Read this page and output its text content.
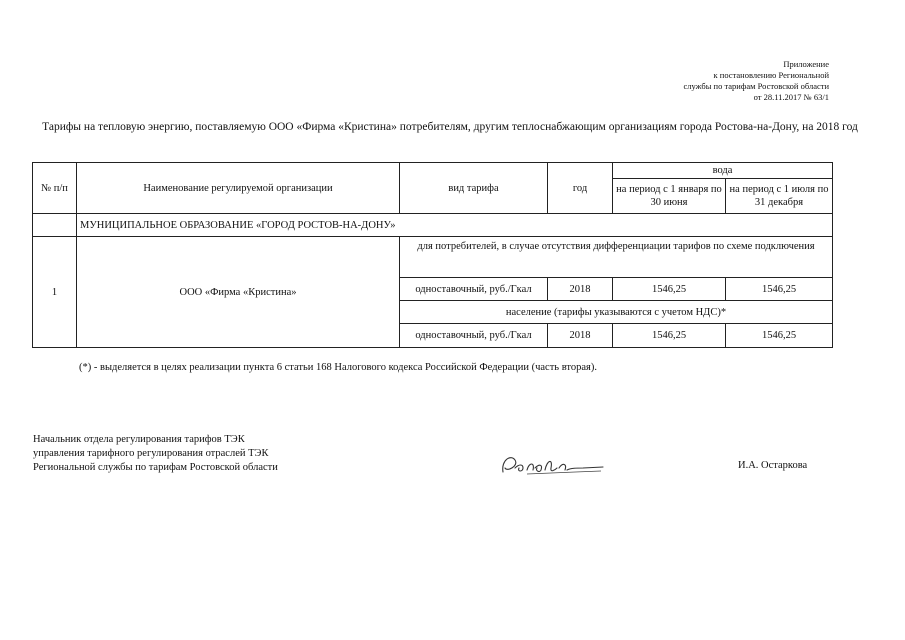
Приложение
к постановлению Региональной
службы по тарифам Ростовской области
от 28.11.2017 № 63/1
Тарифы на тепловую энергию, поставляемую ООО «Фирма «Кристина» потребителям, другим теплоснабжающим организациям города Ростова-на-Дону, на 2018 год
№ п/п	Наименование регулируемой организации	вид тарифа	год	вода	
				на период с 1 января по 30 июня	на период с 1 июля по 31 декабря
	МУНИЦИПАЛЬНОЕ ОБРАЗОВАНИЕ «ГОРОД РОСТОВ-НА-ДОНУ»				
1	ООО «Фирма «Кристина»	для потребителей, в случае отсутствия дифференциации тарифов по схеме подключения			
		одноставочный, руб./Гкал	2018	1546,25	1546,25
		население (тарифы указываются с учетом НДС)*			
		одноставочный, руб./Гкал	2018	1546,25	1546,25
(*) - выделяется в целях реализации пункта 6 статьи 168 Налогового кодекса Российской Федерации (часть вторая).
Начальник отдела регулирования тарифов ТЭК
управления тарифного регулирования отраслей ТЭК
Региональной службы по тарифам Ростовской области	И.А. Остаркова
